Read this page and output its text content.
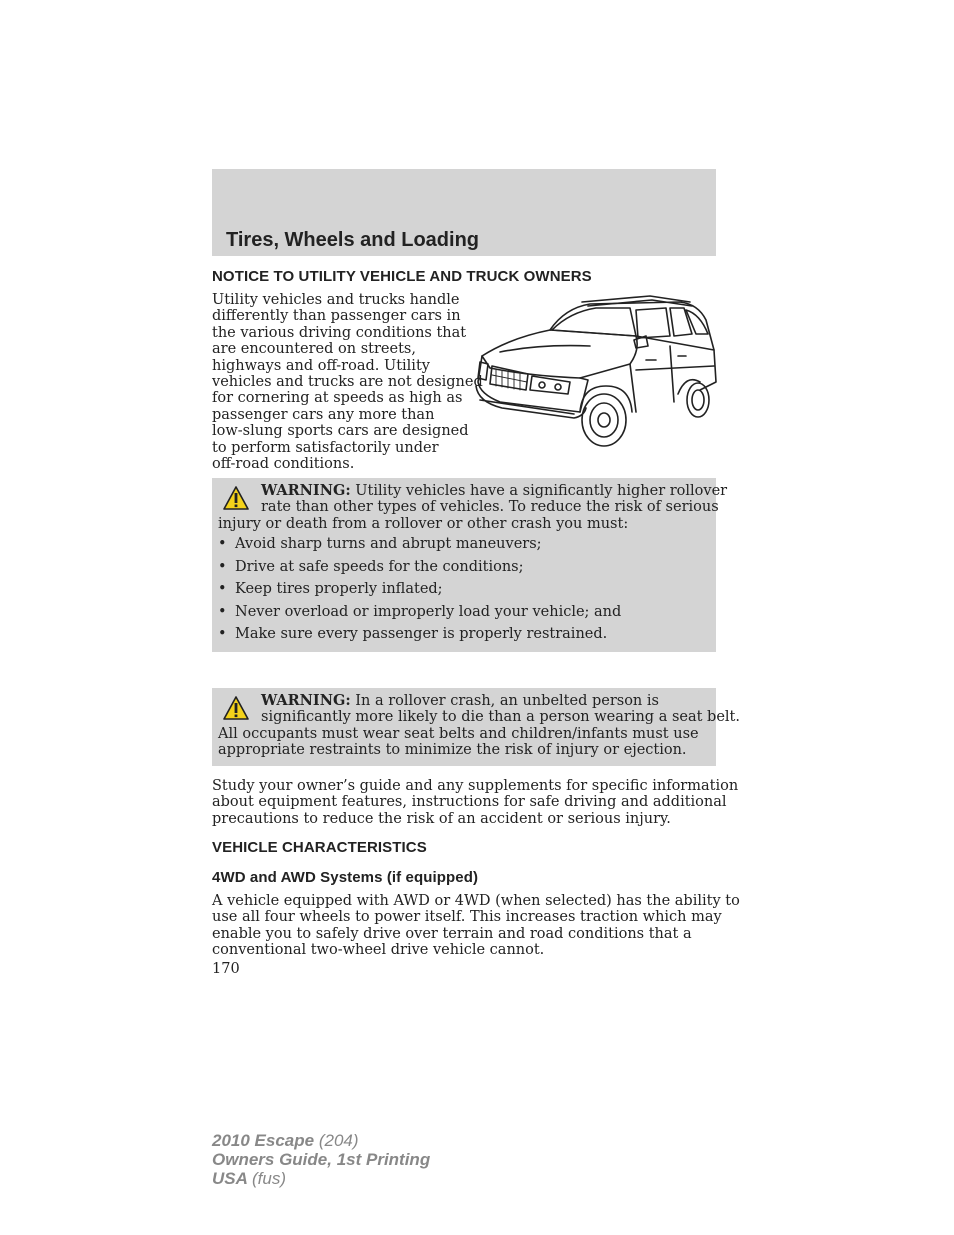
Tires, Wheels and Loading
NOTICE TO UTILITY VEHICLE AND TRUCK OWNERS
Utility vehicles and trucks handle
differently than passenger cars in
the various driving conditions that
are encountered on streets,
highways and off-road. Utility
vehicles and trucks are not designed
for cornering at speeds as high as
passenger cars any more than
low-slung sports cars are designed
to perform satisfactorily under
off-road conditions.
WARNING: Utility vehicles have a significantly higher rollover
rate than other types of vehicles. To reduce the risk of serious
injury or death from a rollover or other crash you must:
• Avoid sharp turns and abrupt maneuvers;
• Drive at safe speeds for the conditions;
• Keep tires properly inflated;
• Never overload or improperly load your vehicle; and
• Make sure every passenger is properly restrained.
WARNING: In a rollover crash, an unbelted person is
significantly more likely to die than a person wearing a seat belt.
All occupants must wear seat belts and children/infants must use
appropriate restraints to minimize the risk of injury or ejection.
Study your owner’s guide and any supplements for specific information
about equipment features, instructions for safe driving and additional
precautions to reduce the risk of an accident or serious injury.
VEHICLE CHARACTERISTICS
4WD and AWD Systems (if equipped)
A vehicle equipped with AWD or 4WD (when selected) has the ability to
use all four wheels to power itself. This increases traction which may
enable you to safely drive over terrain and road conditions that a
conventional two-wheel drive vehicle cannot.
170
2010 Escape (204)
Owners Guide, 1st Printing
USA (fus)
